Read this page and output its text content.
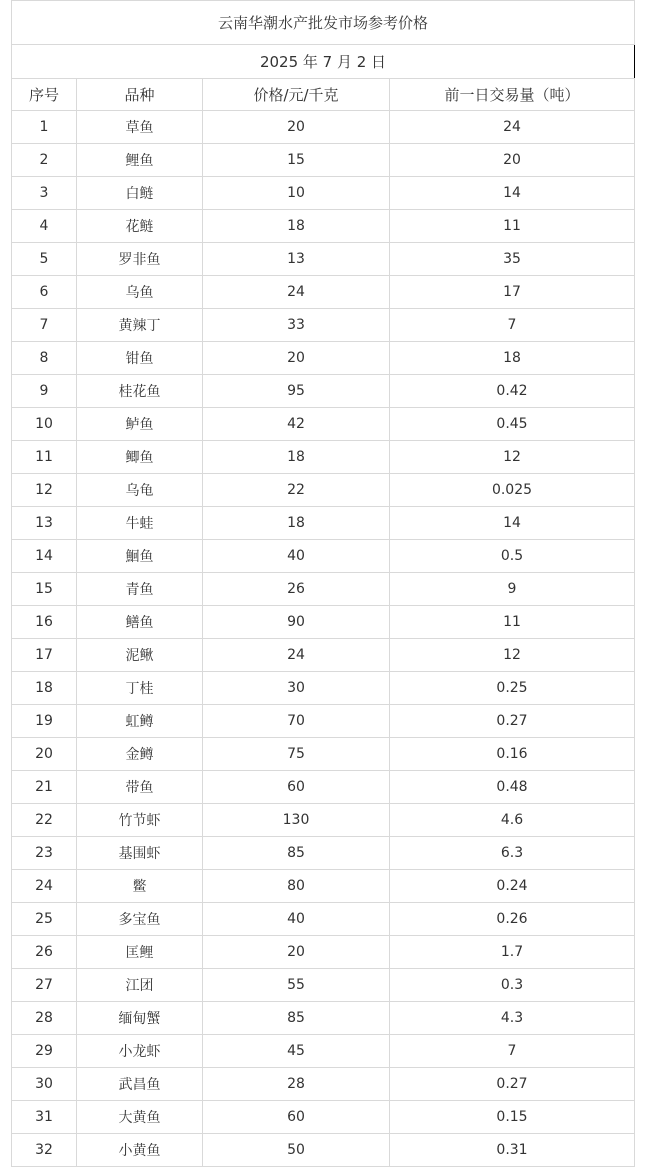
云南华潮水产批发市场参考价格			
2025 年 7 月 2 日			
序号	品种	价格/元/千克	前一日交易量（吨）
1	草鱼	20	24
2	鲤鱼	15	20
3	白鲢	10	14
4	花鲢	18	11
5	罗非鱼	13	35
6	乌鱼	24	17
7	黄辣丁	33	7
8	钳鱼	20	18
9	桂花鱼	95	0.42
10	鲈鱼	42	0.45
11	鲫鱼	18	12
12	乌龟	22	0.025
13	牛蛙	18	14
14	鮰鱼	40	0.5
15	青鱼	26	9
16	鳝鱼	90	11
17	泥鳅	24	12
18	丁桂	30	0.25
19	虹鳟	70	0.27
20	金鳟	75	0.16
21	带鱼	60	0.48
22	竹节虾	130	4.6
23	基围虾	85	6.3
24	鳖	80	0.24
25	多宝鱼	40	0.26
26	匡鲤	20	1.7
27	江团	55	0.3
28	缅甸蟹	85	4.3
29	小龙虾	45	7
30	武昌鱼	28	0.27
31	大黄鱼	60	0.15
32	小黄鱼	50	0.31
